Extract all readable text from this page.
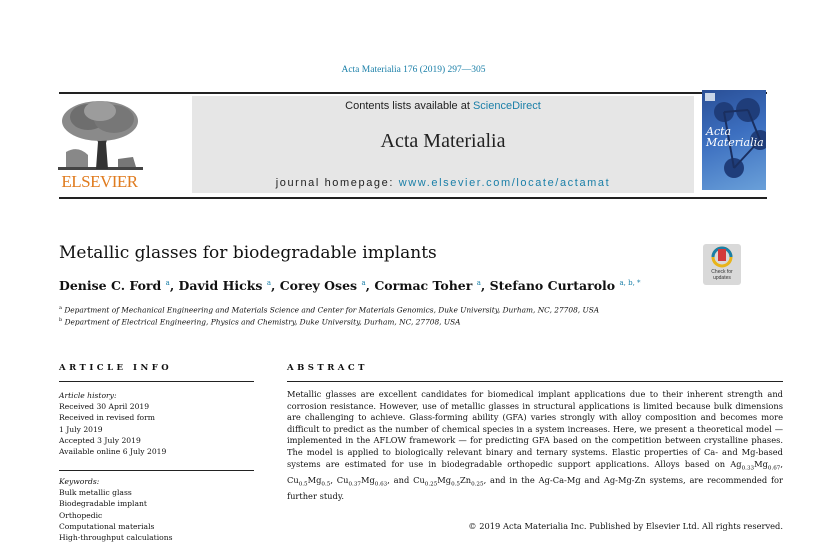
Acta Materialia 176 (2019) 297—305
ELSEVIER
Contents lists available at ScienceDirect
Acta Materialia
journal homepage: www.elsevier.com/locate/actamat
Acta
Materialia
Metallic glasses for biodegradable implants
Check for
updates
Denise C. Ford $^a$, David Hicks $^a$, Corey Oses $^a$, Cormac Toher $^a$, Stefano Curtarolo $^{a, b, *}$
$^a$ Department of Mechanical Engineering and Materials Science and Center for Materials Genomics, Duke University, Durham, NC, 27708, USA
$^b$ Department of Electrical Engineering, Physics and Chemistry, Duke University, Durham, NC, 27708, USA
ARTICLE INFO
Article history:
Received 30 April 2019
Received in revised form
1 July 2019
Accepted 3 July 2019
Available online 6 July 2019
Keywords:
Bulk metallic glass
Biodegradable implant
Orthopedic
Computational materials
High-throughput calculations
ABSTRACT
Metallic glasses are excellent candidates for biomedical implant applications due to their inherent strength and corrosion resistance. However, use of metallic glasses in structural applications is limited because bulk dimensions are challenging to achieve. Glass-forming ability (GFA) varies strongly with alloy composition and becomes more difficult to predict as the number of chemical species in a system increases. Here, we present a theoretical model — implemented in the AFLOW framework — for predicting GFA based on the competition between crystalline phases. The model is applied to biologically relevant binary and ternary systems. Elastic properties of Ca- and Mg-based systems are estimated for use in biodegradable orthopedic support applications. Alloys based on $Ag_{0.33}Mg_{0.67}$, $Cu_{0.5}Mg_{0.5}$, $Cu_{0.37}Mg_{0.63}$, and $Cu_{0.25}Mg_{0.5}Zn_{0.25}$, and in the Ag-Ca-Mg and Ag-Mg-Zn systems, are recommended for further study.
© 2019 Acta Materialia Inc. Published by Elsevier Ltd. All rights reserved.
